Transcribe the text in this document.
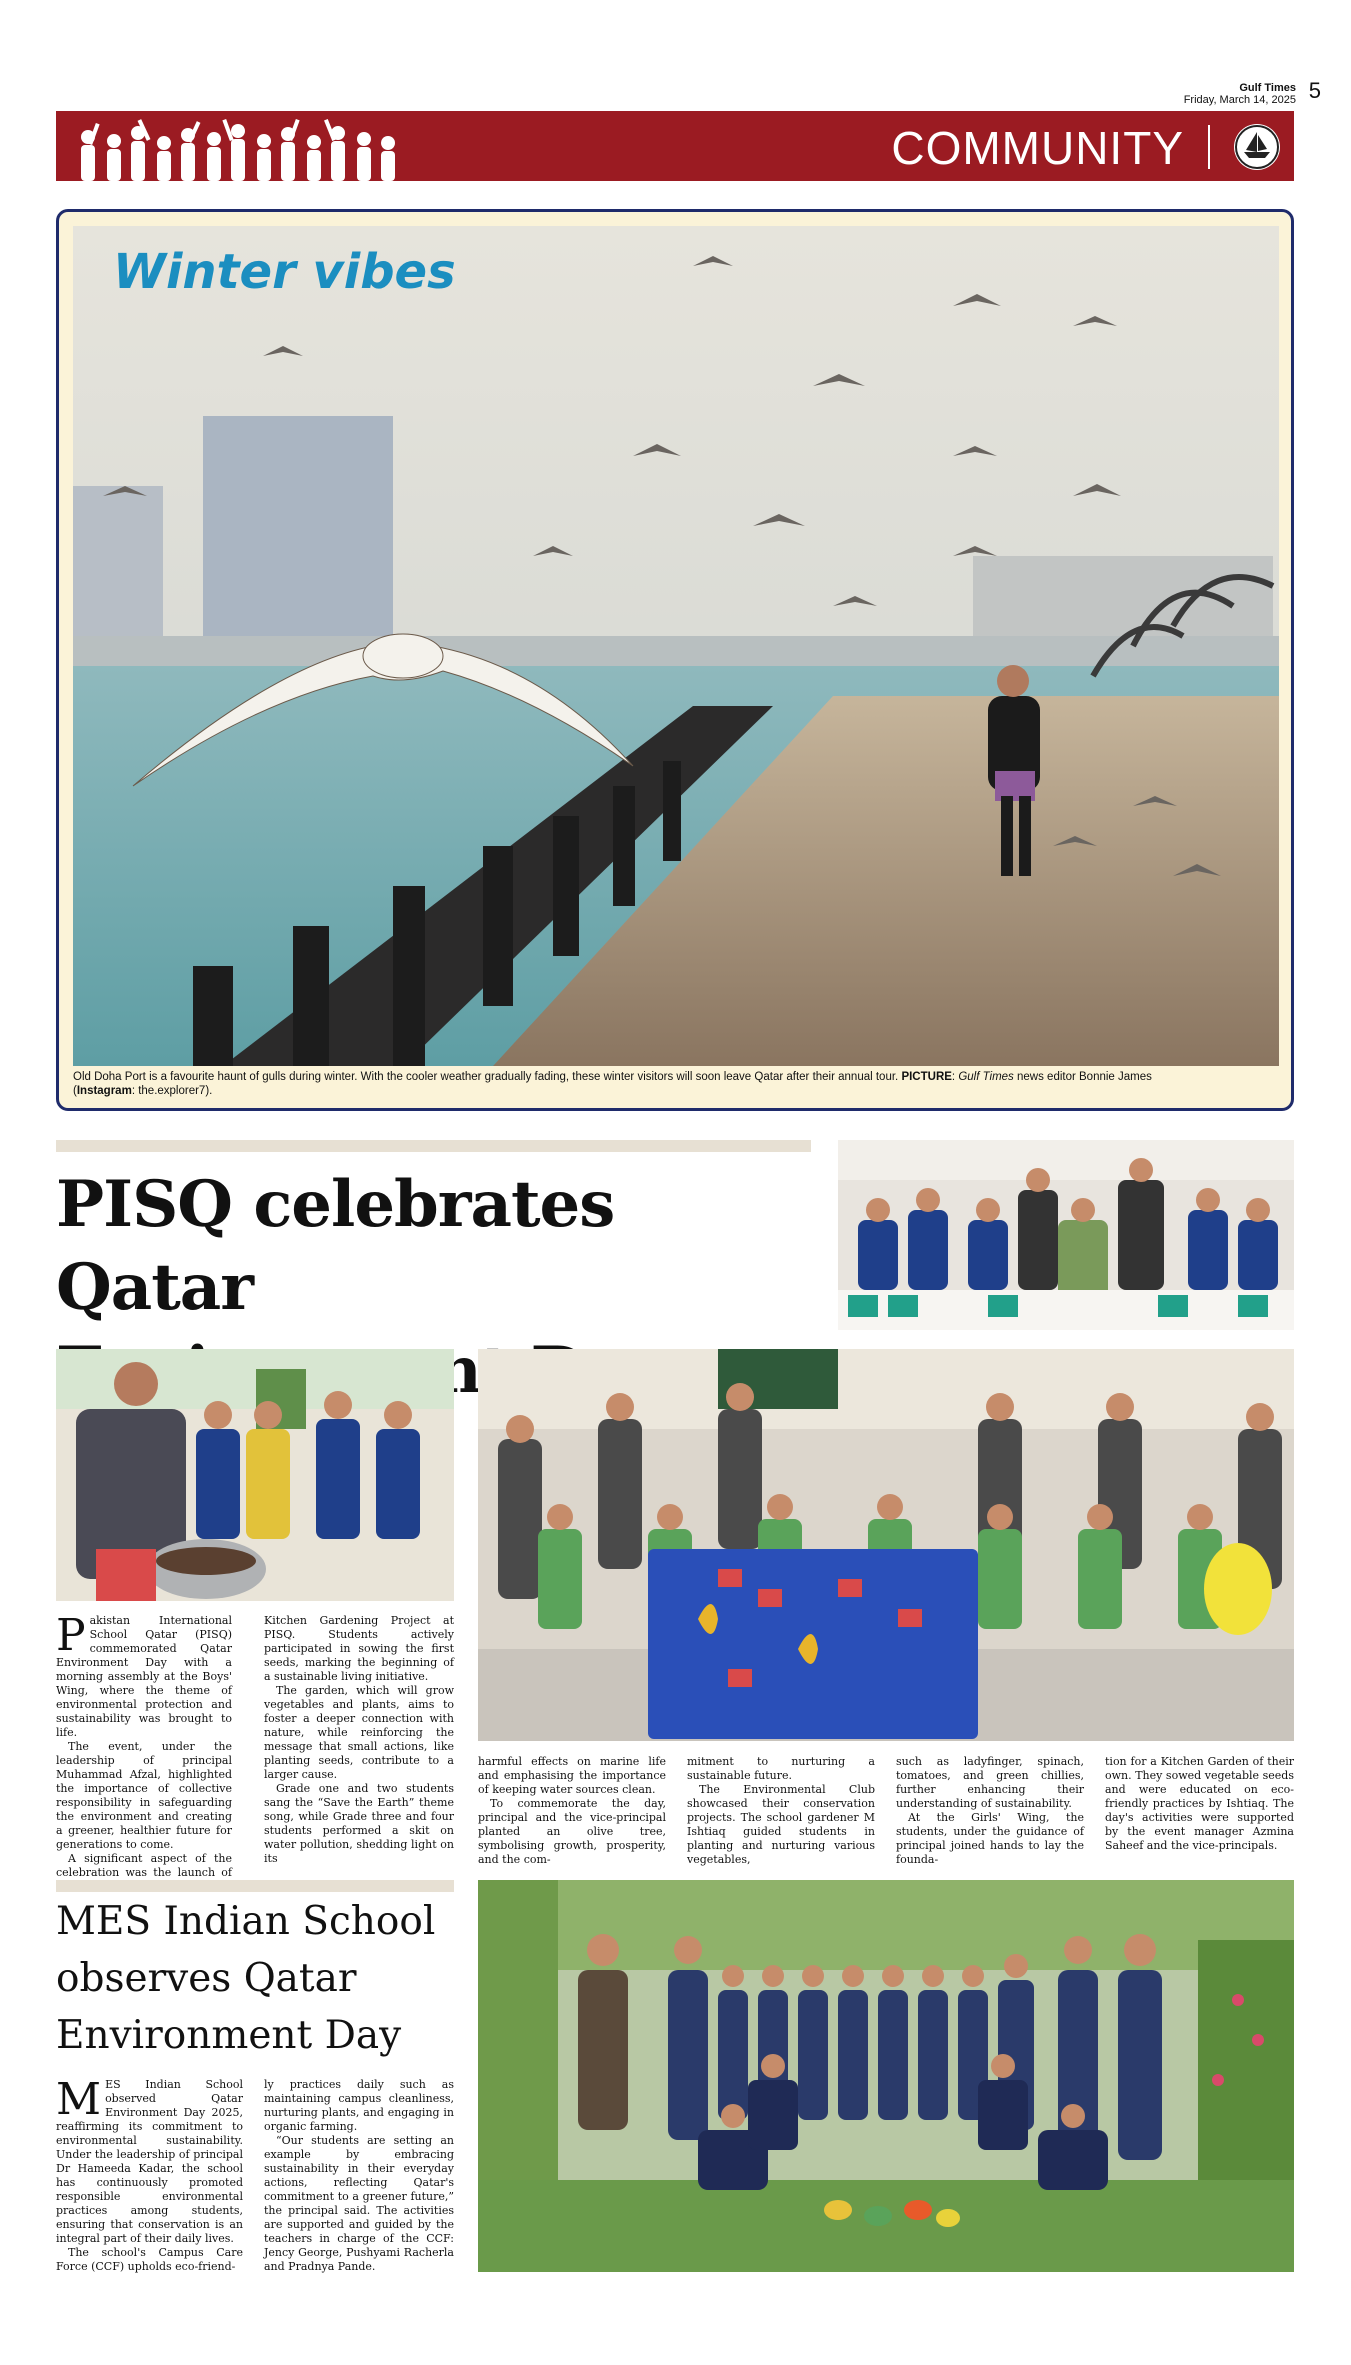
Gulf Times
Friday, March 14, 2025 5
COMMUNITY
Winter vibes
Old Doha Port is a favourite haunt of gulls during winter. With the cooler weather gradually fading, these winter visitors will soon leave Qatar after their annual tour. PICTURE: Gulf Times news editor Bonnie James
(Instagram: the.explorer7).
PISQ celebrates Qatar

Pakistan International School Qatar (PISQ) commemorated Qatar Environment Day with a morning assembly at the Boys' Wing, where the theme of environmental protection and sustainability was brought to life.

The event, under the leadership of principal Muhammad Afzal, highlighted the importance of collective responsibility in safeguarding the environment and creating a greener, healthier future for generations to come.

A significant aspect of the celebration was the launch of

Kitchen Gardening Project at PISQ. Students actively participated in sowing the first seeds, marking the beginning of a sustainable living initiative.

The garden, which will grow vegetables and plants, aims to foster a deeper connection with nature, while reinforcing the message that small actions, like planting seeds, contribute to a larger cause.

Grade one and two students sang the “Save the Earth” theme song, while Grade three and four students performed a skit on water pollution, shedding light on its

harmful effects on marine life and emphasising the importance of keeping water sources clean.

To commemorate the day, principal and the vice-principal planted an olive tree, symbolising growth, prosperity, and the com-

mitment to nurturing a sustainable future.

The Environmental Club showcased their conservation projects. The school gardener M Ishtiaq guided students in planting and nurturing various vegetables,

such as ladyfinger, spinach, tomatoes, and green chillies, further enhancing their understanding of sustainability.

At the Girls' Wing, the students, under the guidance of principal joined hands to lay the founda-

tion for a Kitchen Garden of their own. They sowed vegetable seeds and were educated on eco-friendly practices by Ishtiaq. The day's activities were supported by the event manager Azmina Saheef and the vice-principals.

MES Indian School
observes Qatar
Environment Day

MES Indian School observed Qatar Environment Day 2025, reaffirming its commitment to environmental sustainability. Under the leadership of principal Dr Hameeda Kadar, the school has continuously promoted responsible environmental practices among students, ensuring that conservation is an integral part of their daily lives.

The school's Campus Care Force (CCF) upholds eco-friend-

ly practices daily such as maintaining campus cleanliness, nurturing plants, and engaging in organic farming.

“Our students are setting an example by embracing sustainability in their everyday actions, reflecting Qatar's commitment to a greener future,” the principal said. The activities are supported and guided by the teachers in charge of the CCF: Jency George, Pushyami Racherla and Pradnya Pande.
